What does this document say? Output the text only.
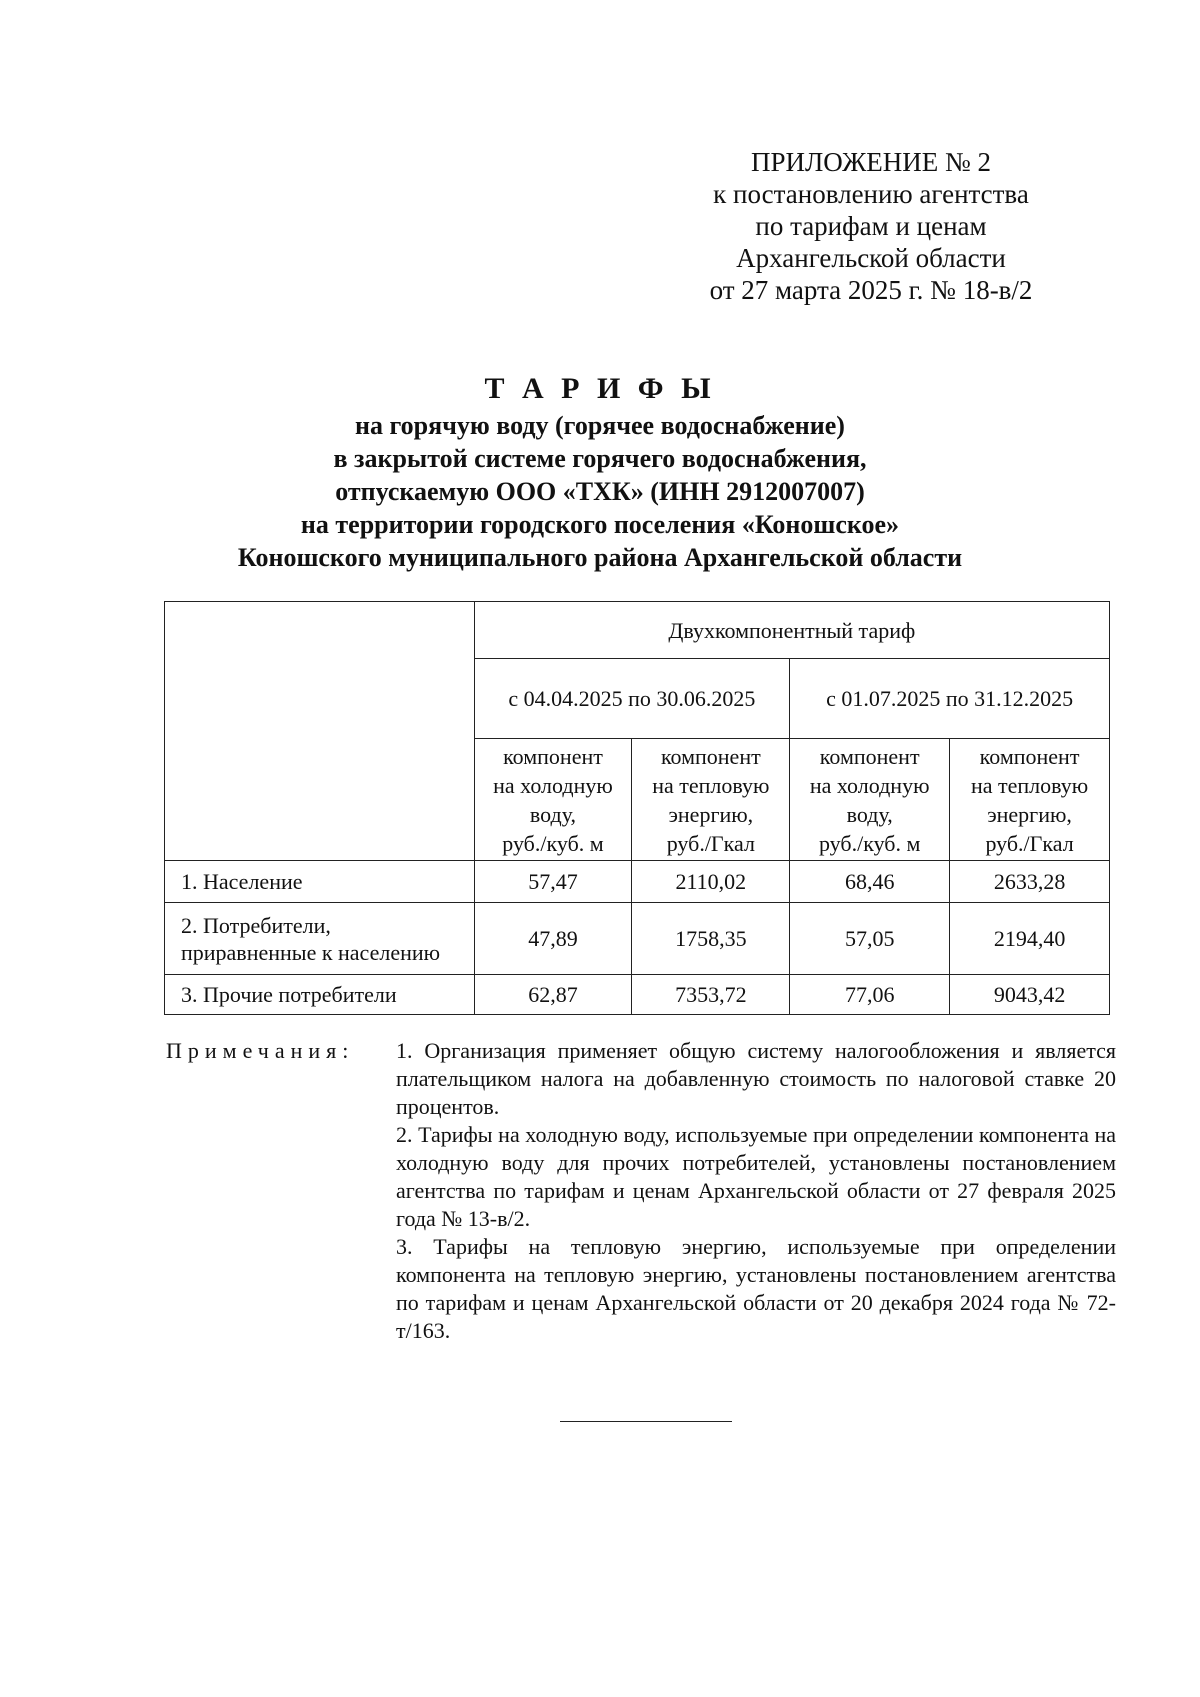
ПРИЛОЖЕНИЕ № 2
к постановлению агентства
по тарифам и ценам
Архангельской области
от 27 марта 2025 г. № 18-в/2
Т А Р И Ф Ы
на горячую воду (горячее водоснабжение)
в закрытой системе горячего водоснабжения,
отпускаемую ООО «ТХК» (ИНН 2912007007)
на территории городского поселения «Коношское»
Коношского муниципального района Архангельской области
	Двухкомпонентный тариф			
	с 04.04.2025 по 30.06.2025		с 01.07.2025 по 31.12.2025	
	компонент
на холодную
воду,
руб./куб. м	компонент
на тепловую
энергию,
руб./Гкал	компонент
на холодную
воду,
руб./куб. м	компонент
на тепловую
энергию,
руб./Гкал
1. Население	57,47	2110,02	68,46	2633,28
2. Потребители,
приравненные к населению	47,89	1758,35	57,05	2194,40
3. Прочие потребители	62,87	7353,72	77,06	9043,42
Примечания: 1. Организация применяет общую систему налогообложения и является плательщиком налога на добавленную стоимость по налоговой ставке 20 процентов.

2. Тарифы на холодную воду, используемые при определении компонента на холодную воду для прочих потребителей, установлены постановлением агентства по тарифам и ценам Архангельской области от 27 февраля 2025 года № 13-в/2.

3. Тарифы на тепловую энергию, используемые при определении компонента на тепловую энергию, установлены постановлением агентства по тарифам и ценам Архангельской области от 20 декабря 2024 года № 72-т/163.
